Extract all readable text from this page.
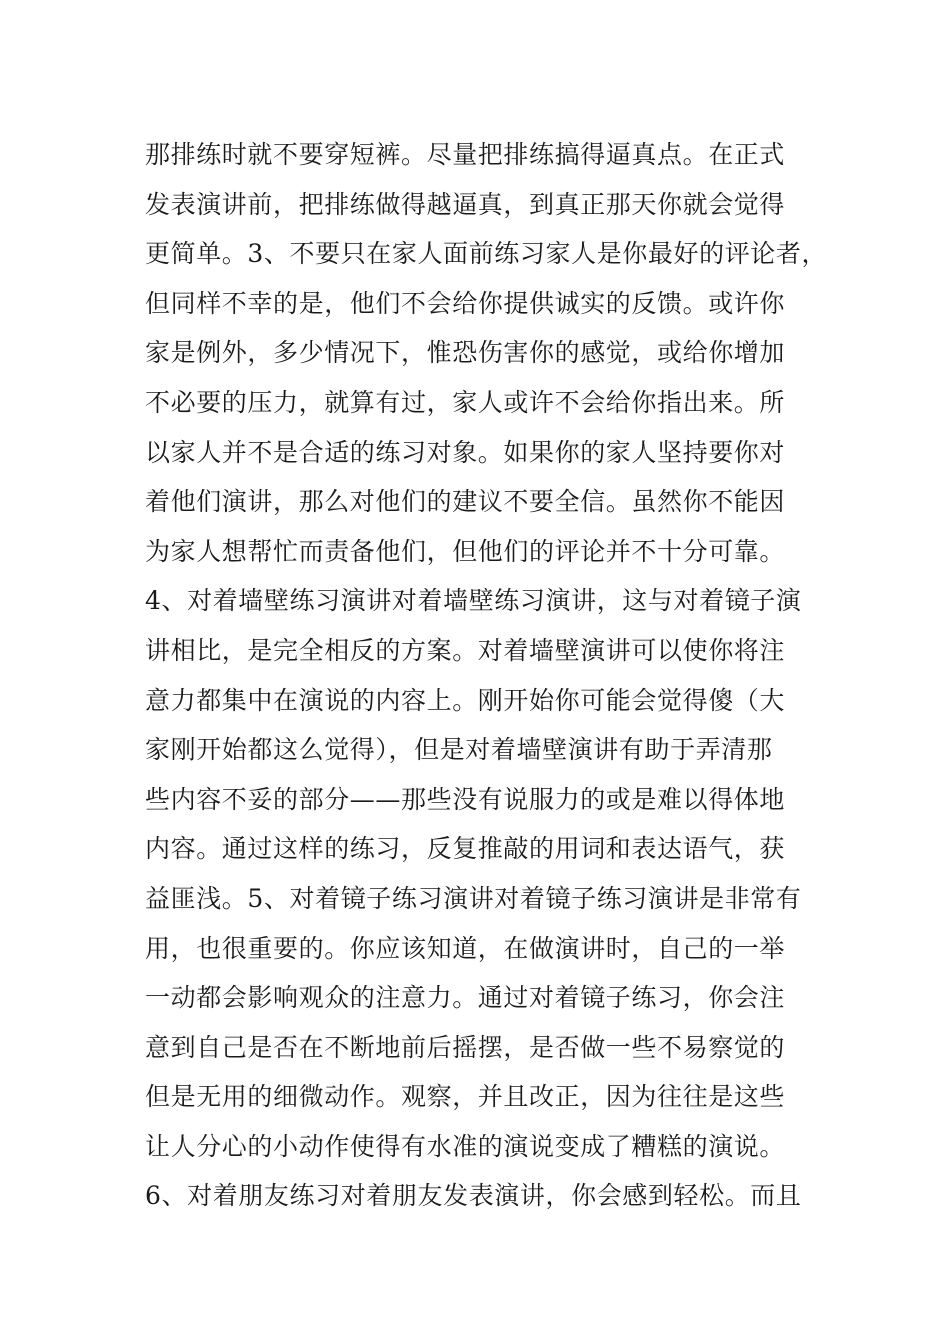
那排练时就不要穿短裤。尽量把排练搞得逼真点。在正式
发表演讲前，把排练做得越逼真，到真正那天你就会觉得
更简单。3、不要只在家人面前练习家人是你最好的评论者，
但同样不幸的是，他们不会给你提供诚实的反馈。或许你
家是例外，多少情况下，惟恐伤害你的感觉，或给你增加
不必要的压力，就算有过，家人或许不会给你指出来。所
以家人并不是合适的练习对象。如果你的家人坚持要你对
着他们演讲，那么对他们的建议不要全信。虽然你不能因
为家人想帮忙而责备他们，但他们的评论并不十分可靠。
4、对着墙壁练习演讲对着墙壁练习演讲，这与对着镜子演
讲相比，是完全相反的方案。对着墙壁演讲可以使你将注
意力都集中在演说的内容上。刚开始你可能会觉得傻（大
家刚开始都这么觉得），但是对着墙壁演讲有助于弄清那
些内容不妥的部分——那些没有说服力的或是难以得体地
内容。通过这样的练习，反复推敲的用词和表达语气，获
益匪浅。5、对着镜子练习演讲对着镜子练习演讲是非常有
用，也很重要的。你应该知道，在做演讲时，自己的一举
一动都会影响观众的注意力。通过对着镜子练习，你会注
意到自己是否在不断地前后摇摆，是否做一些不易察觉的
但是无用的细微动作。观察，并且改正，因为往往是这些
让人分心的小动作使得有水准的演说变成了糟糕的演说。
6、对着朋友练习对着朋友发表演讲，你会感到轻松。而且
